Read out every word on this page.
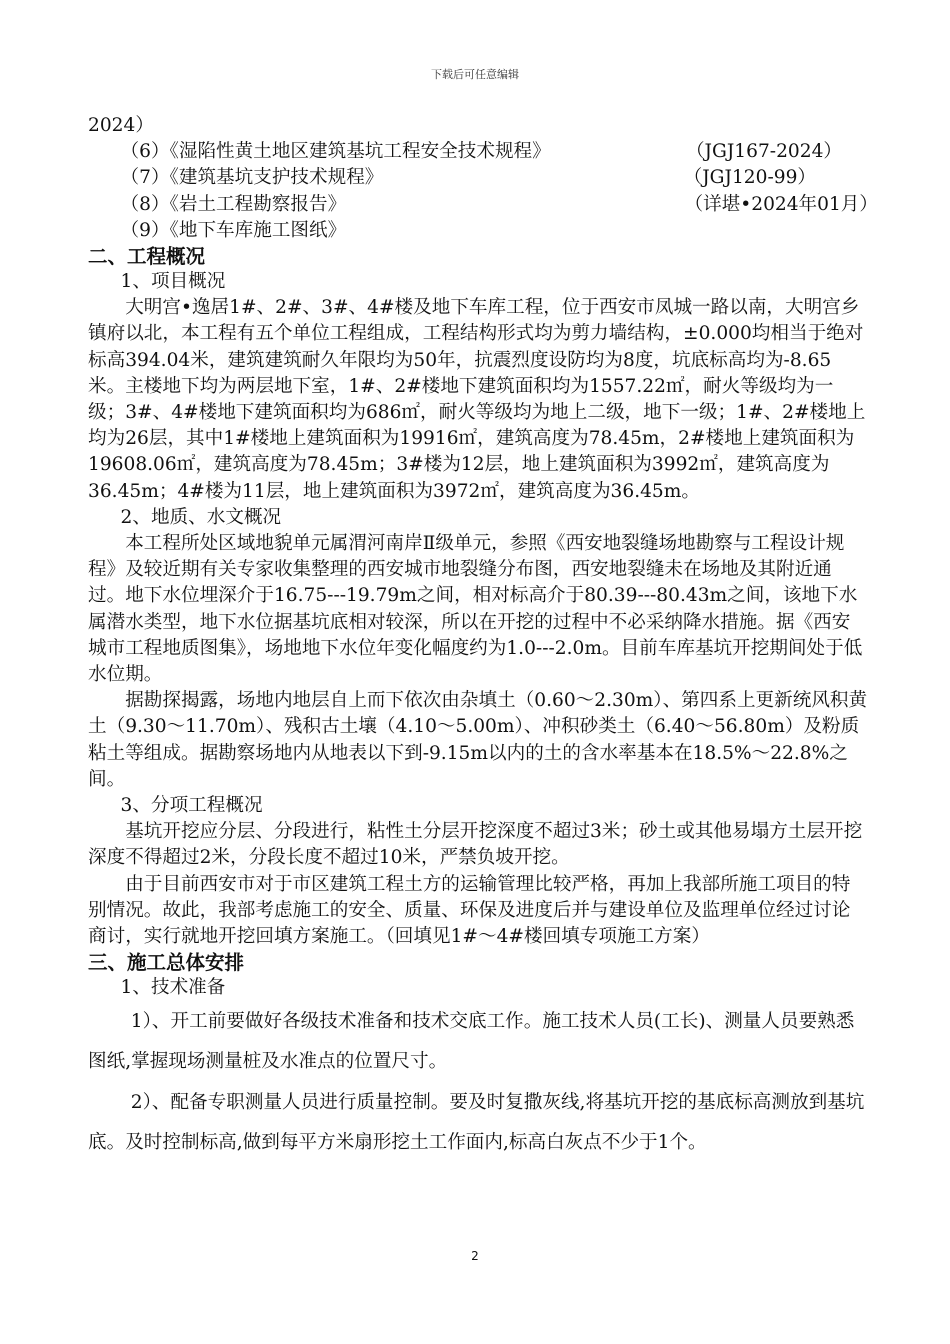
下载后可任意编辑

2024）

（6）《湿陷性黄土地区建筑基坑工程安全技术规程》	（JGJ167-2024）
（7）《建筑基坑支护技术规程》	（JGJ120-99）
（8）《岩土工程勘察报告》	（详堪•2024年01月）
（9）《地下车库施工图纸》

二、工程概况

1、项目概况

大明宫•逸居1#、2#、3#、4#楼及地下车库工程，位于西安市凤城一路以南，大明宫乡镇府以北，本工程有五个单位工程组成，工程结构形式均为剪力墙结构，±0.000均相当于绝对标高394.04米，建筑建筑耐久年限均为50年，抗震烈度设防均为8度，坑底标高均为-8.65米。主楼地下均为两层地下室，1#、2#楼地下建筑面积均为1557.22㎡，耐火等级均为一级；3#、4#楼地下建筑面积均为686㎡，耐火等级均为地上二级，地下一级；1#、2#楼地上均为26层，其中1#楼地上建筑面积为19916㎡，建筑高度为78.45m，2#楼地上建筑面积为19608.06㎡，建筑高度为78.45m；3#楼为12层，地上建筑面积为3992㎡，建筑高度为36.45m；4#楼为11层，地上建筑面积为3972㎡，建筑高度为36.45m。

2、地质、水文概况

本工程所处区域地貌单元属渭河南岸Ⅱ级单元，参照《西安地裂缝场地勘察与工程设计规程》及较近期有关专家收集整理的西安城市地裂缝分布图，西安地裂缝未在场地及其附近通过。地下水位埋深介于16.75---19.79m之间，相对标高介于80.39---80.43m之间，该地下水属潜水类型，地下水位据基坑底相对较深，所以在开挖的过程中不必采纳降水措施。据《西安城市工程地质图集》，场地地下水位年变化幅度约为1.0---2.0m。目前车库基坑开挖期间处于低水位期。

据勘探揭露，场地内地层自上而下依次由杂填土（0.60～2.30m）、第四系上更新统风积黄土（9.30～11.70m）、残积古土壤（4.10～5.00m）、冲积砂类土（6.40～56.80m）及粉质粘土等组成。据勘察场地内从地表以下到-9.15m以内的土的含水率基本在18.5%～22.8%之间。

3、分项工程概况

基坑开挖应分层、分段进行，粘性土分层开挖深度不超过3米；砂土或其他易塌方土层开挖深度不得超过2米，分段长度不超过10米，严禁负坡开挖。

由于目前西安市对于市区建筑工程土方的运输管理比较严格，再加上我部所施工项目的特别情况。故此，我部考虑施工的安全、质量、环保及进度后并与建设单位及监理单位经过讨论商讨，实行就地开挖回填方案施工。（回填见1#～4#楼回填专项施工方案）

三、施工总体安排

1、技术准备

1）、开工前要做好各级技术准备和技术交底工作。施工技术人员(工长)、测量人员要熟悉图纸,掌握现场测量桩及水准点的位置尺寸。

2）、配备专职测量人员进行质量控制。要及时复撒灰线,将基坑开挖的基底标高测放到基坑底。及时控制标高,做到每平方米扇形挖土工作面内,标高白灰点不少于1个。

2
